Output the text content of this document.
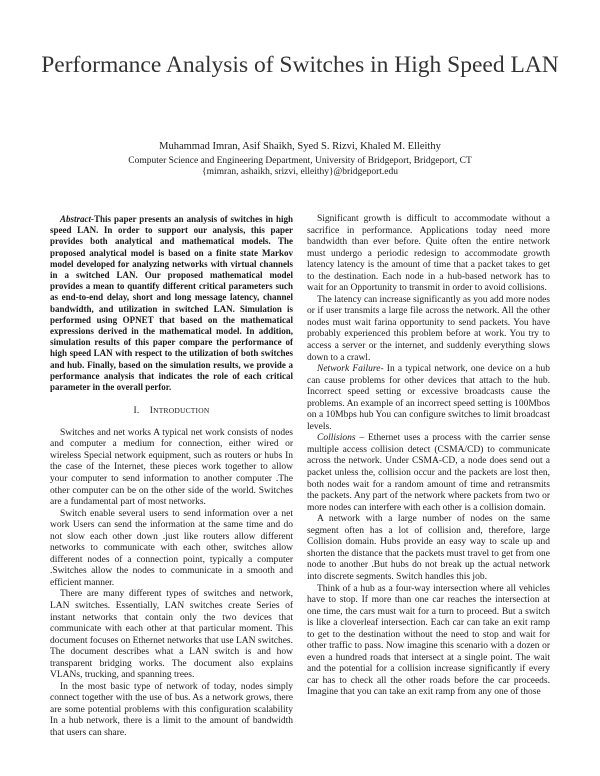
Performance Analysis of Switches in High Speed LAN
Muhammad Imran, Asif Shaikh, Syed S. Rizvi, Khaled M. Elleithy
Computer Science and Engineering Department, University of Bridgeport, Bridgeport, CT
{mimran, ashaikh, srizvi, elleithy}@bridgeport.edu

Abstract-This paper presents an analysis of switches in high speed LAN. In order to support our analysis, this paper provides both analytical and mathematical models. The proposed analytical model is based on a finite state Markov model developed for analyzing networks with virtual channels in a switched LAN. Our proposed mathematical model provides a mean to quantify different critical parameters such as end-to-end delay, short and long message latency, channel bandwidth, and utilization in switched LAN. Simulation is performed using OPNET that based on the mathematical expressions derived in the mathematical model. In addition, simulation results of this paper compare the performance of high speed LAN with respect to the utilization of both switches and hub. Finally, based on the simulation results, we provide a performance analysis that indicates the role of each critical parameter in the overall perfor.

I. INTRODUCTION

Switches and net works A typical net work consists of nodes and computer a medium for connection, either wired or wireless Special network equipment, such as routers or hubs In the case of the Internet, these pieces work together to allow your computer to send information to another computer .The other computer can be on the other side of the world. Switches are a fundamental part of most networks.

Switch enable several users to send information over a net work Users can send the information at the same time and do not slow each other down .just like routers allow different networks to communicate with each other, switches allow different nodes of a connection point, typically a computer .Switches allow the nodes to communicate in a smooth and efficient manner.

There are many different types of switches and network, LAN switches. Essentially, LAN switches create Series of instant networks that contain only the two devices that communicate with each other at that particular moment. This document focuses on Ethernet networks that use LAN switches. The document describes what a LAN switch is and how transparent bridging works. The document also explains VLANs, trucking, and spanning trees.

In the most basic type of network of today, nodes simply connect together with the use of bus. As a network grows, there are some potential problems with this configuration scalability In a hub network, there is a limit to the amount of bandwidth that users can share.

Significant growth is difficult to accommodate without a sacrifice in performance. Applications today need more bandwidth than ever before. Quite often the entire network must undergo a periodic redesign to accommodate growth latency latency is the amount of time that a packet takes to get to the destination. Each node in a hub-based network has to wait for an Opportunity to transmit in order to avoid collisions.

The latency can increase significantly as you add more nodes or if user transmits a large file across the network. All the other nodes must wait farina opportunity to send packets. You have probably experienced this problem before at work. You try to access a server or the internet, and suddenly everything slows down to a crawl.

Network Failure- In a typical network, one device on a hub can cause problems for other devices that attach to the hub. Incorrect speed setting or excessive broadcasts cause the problems. An example of an incorrect speed setting is 100Mbos on a 10Mbps hub You can configure switches to limit broadcast levels.

Collisions – Ethernet uses a process with the carrier sense multiple access collision detect (CSMA/CD) to communicate across the network. Under CSMA-CD, a node does send out a packet unless the, collision occur and the packets are lost then, both nodes wait for a random amount of time and retransmits the packets. Any part of the network where packets from two or more nodes can interfere with each other is a collision domain.

A network with a large number of nodes on the same segment often has a lot of collision and, therefore, large Collision domain. Hubs provide an easy way to scale up and shorten the distance that the packets must travel to get from one node to another .But hubs do not break up the actual network into discrete segments. Switch handles this job.

Think of a hub as a four-way intersection where all vehicles have to stop. If more than one car reaches the intersection at one time, the cars must wait for a turn to proceed. But a switch is like a cloverleaf intersection. Each car can take an exit ramp to get to the destination without the need to stop and wait for other traffic to pass. Now imagine this scenario with a dozen or even a hundred roads that intersect at a single point. The wait and the potential for a collision increase significantly if every car has to check all the other roads before the car proceeds. Imagine that you can take an exit ramp from any one of those
